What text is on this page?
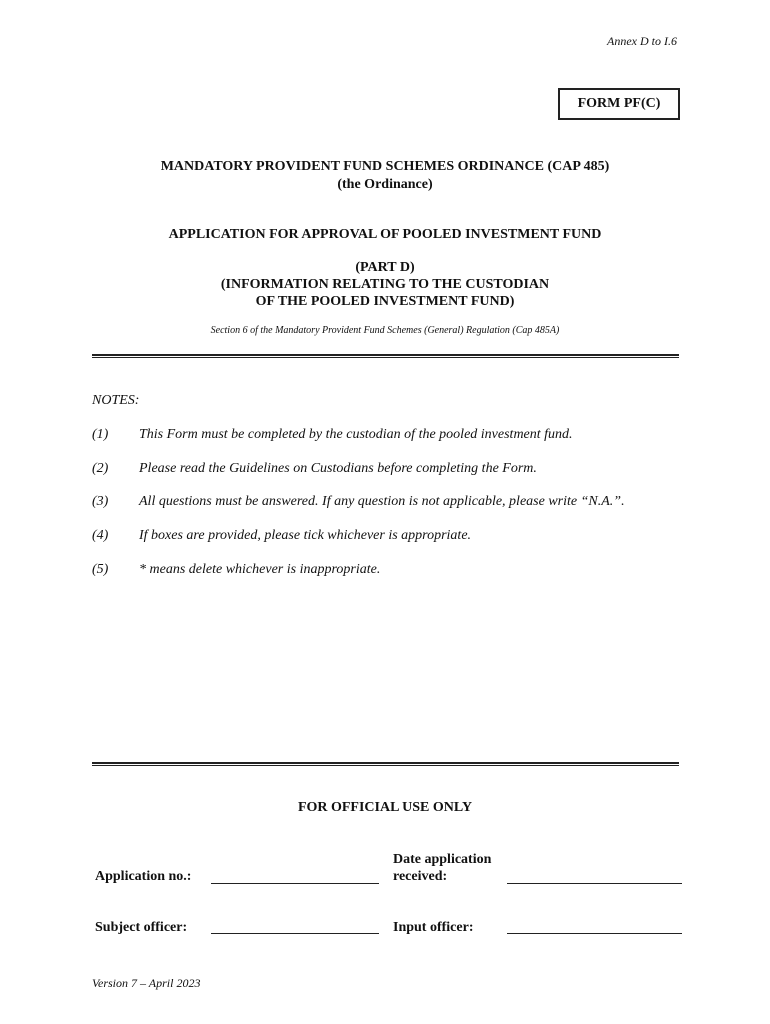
Annex D to I.6
FORM PF(C)
MANDATORY PROVIDENT FUND SCHEMES ORDINANCE (CAP 485)
(the Ordinance)
APPLICATION FOR APPROVAL OF POOLED INVESTMENT FUND
(PART D)
(INFORMATION RELATING TO THE CUSTODIAN
OF THE POOLED INVESTMENT FUND)
Section 6 of the Mandatory Provident Fund Schemes (General) Regulation (Cap 485A)
NOTES:
(1)	This Form must be completed by the custodian of the pooled investment fund.
(2)	Please read the Guidelines on Custodians before completing the Form.
(3)	All questions must be answered. If any question is not applicable, please write “N.A.”.
(4)	If boxes are provided, please tick whichever is appropriate.
(5)	* means delete whichever is inappropriate.
FOR OFFICIAL USE ONLY
Application no.:
Date application
received:
Subject officer:	Input officer:
Version 7 – April 2023
